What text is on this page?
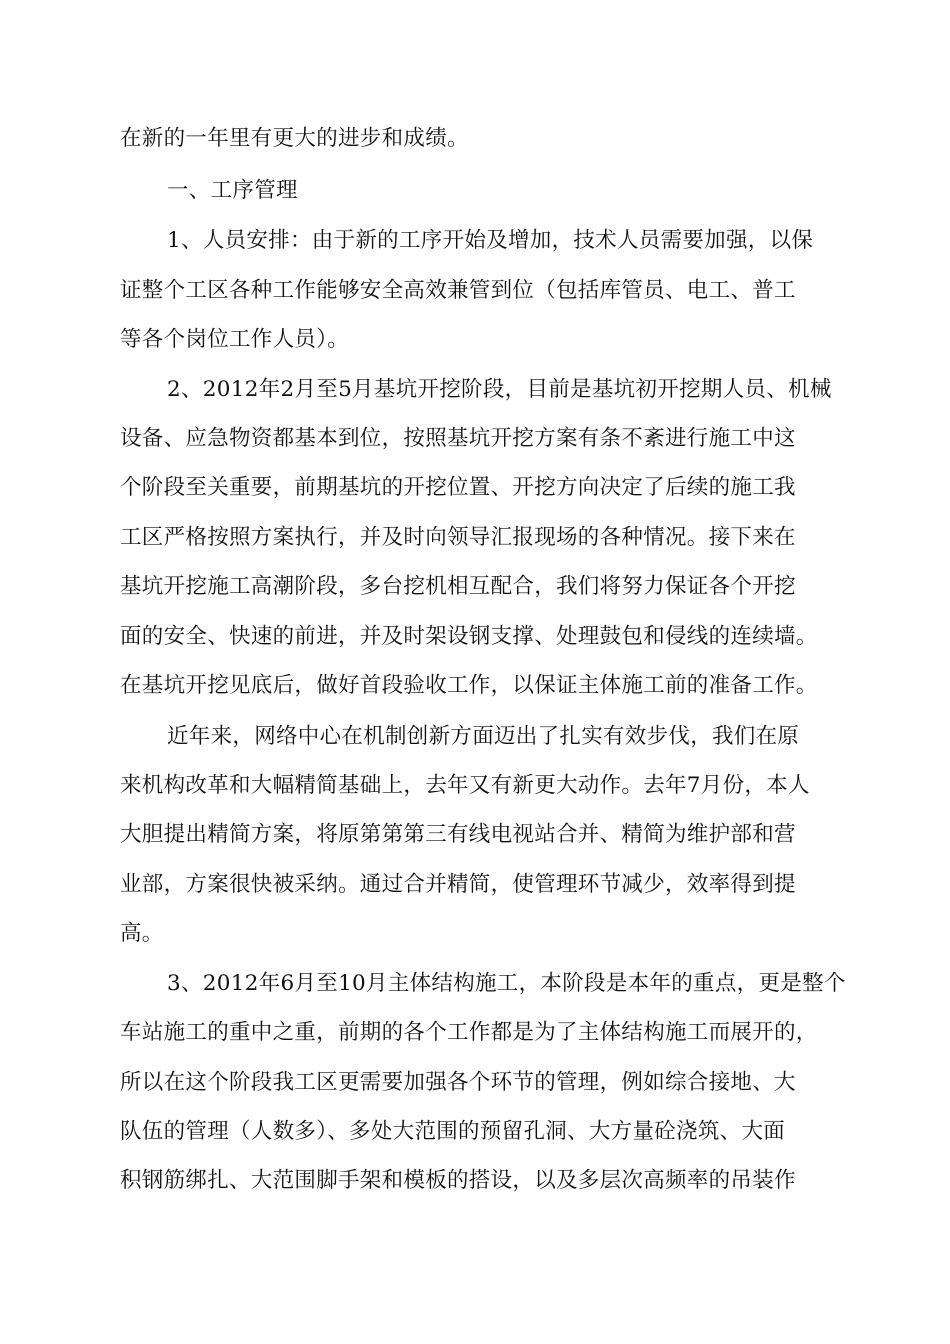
在新的一年里有更大的进步和成绩。
一、工序管理
1、人员安排：由于新的工序开始及增加，技术人员需要加强，以保
证整个工区各种工作能够安全高效兼管到位（包括库管员、电工、普工
等各个岗位工作人员）。
2、2012年2月至5月基坑开挖阶段，目前是基坑初开挖期人员、机械
设备、应急物资都基本到位，按照基坑开挖方案有条不紊进行施工中这
个阶段至关重要，前期基坑的开挖位置、开挖方向决定了后续的施工我
工区严格按照方案执行，并及时向领导汇报现场的各种情况。接下来在
基坑开挖施工高潮阶段，多台挖机相互配合，我们将努力保证各个开挖
面的安全、快速的前进，并及时架设钢支撑、处理鼓包和侵线的连续墙。
在基坑开挖见底后，做好首段验收工作，以保证主体施工前的准备工作。
近年来，网络中心在机制创新方面迈出了扎实有效步伐，我们在原
来机构改革和大幅精简基础上，去年又有新更大动作。去年7月份，本人
大胆提出精简方案，将原第第第三有线电视站合并、精简为维护部和营
业部，方案很快被采纳。通过合并精简，使管理环节减少，效率得到提
高。
3、2012年6月至10月主体结构施工，本阶段是本年的重点，更是整个
车站施工的重中之重，前期的各个工作都是为了主体结构施工而展开的，
所以在这个阶段我工区更需要加强各个环节的管理，例如综合接地、大
队伍的管理（人数多）、多处大范围的预留孔洞、大方量砼浇筑、大面
积钢筋绑扎、大范围脚手架和模板的搭设，以及多层次高频率的吊装作
